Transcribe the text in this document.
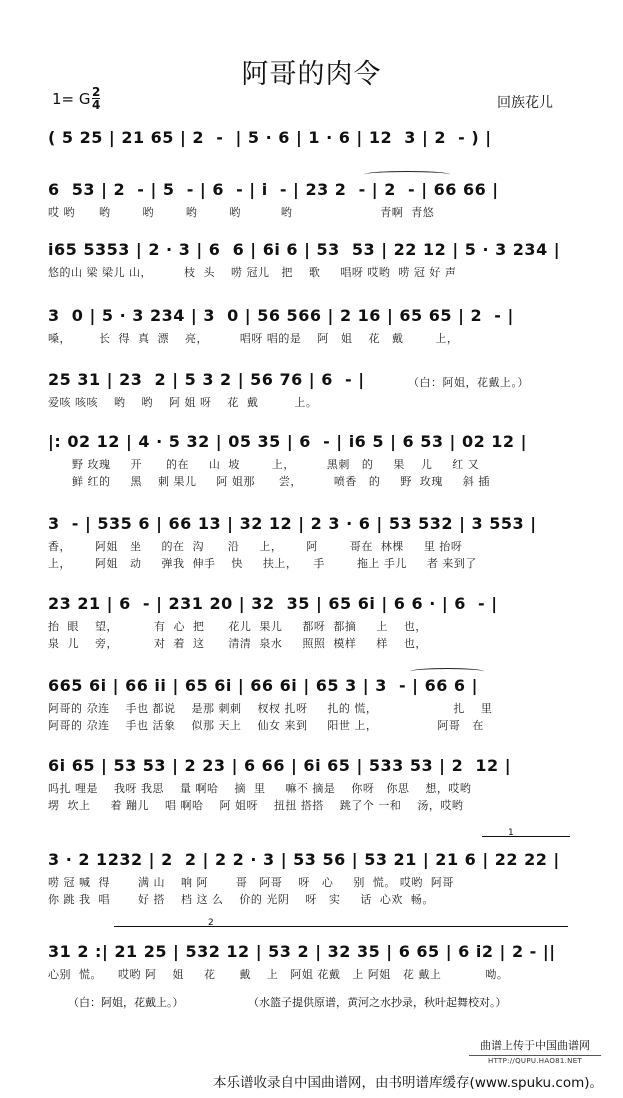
阿哥的肉令
1= G 2
4	回族花儿
( 5 25 | 21 65 | 2  -  | 5 · 6 | 1 · 6 | 12  3 | 2  - ) |
6  53 | 2  - | 5  - | 6  - | i  - | 23 2  - | 2  - | 66 66 |
哎 哟      哟        哟        哟        哟          哟                      青啊  青悠
i65 5353 | 2 · 3 | 6  6 | 6i 6 | 53  53 | 22 12 | 5 · 3 234 |
悠的山 梁 梁儿 山，        枝  头    唠 冠儿   把    歌     唱呀 哎哟  唠 冠 好 声
3  0 | 5 · 3 234 | 3  0 | 56 566 | 2 16 | 65 65 | 2  - |
嗓，       长  得  真  漂    亮，        唱呀 唱的是    阿   姐    花   戴        上，
25 31 | 23  2 | 5 3 2 | 56 76 | 6  - |
爱咳 咳咳    哟    哟    阿 姐 呀    花  戴         上。
（白：阿姐，花戴上。）
|: 02 12 | 4 · 5 32 | 05 35 | 6  - | i6 5 | 6 53 | 02 12 |
野 玫瑰     开      的在     山  坡        上，        黑刺   的     果    儿     红 又
鲜 红的     黑    刺 果儿     阿 姐那      尝，        喷香   的     野  玫瑰     斜 插
3  - | 535 6 | 66 13 | 32 12 | 2 3 · 6 | 53 532 | 3 553 |
香，      阿姐   坐     的在  沟      沿     上，      阿        哥在  林棵     里 抬呀
上，      阿姐   动     弹我  伸手    快     扶上，    手        拖上 手儿     者 来到了
23 21 | 6  - | 231 20 | 32  35 | 65 6i | 6 6 · | 6  - |
抬  眼    望，         有  心  把      花儿  果儿     都呀  都摘     上    也，
泉  儿    旁，         对  着  这      清清  泉水     照照  模样     样    也，
665 6i | 66 ii | 65 6i | 66 6i | 65 3 | 3  - | 66 6 |
阿哥的 尕连    手也 都说    是那 刺刺    杈杈 扎呀     扎的 慌，                   扎    里
阿哥的 尕连    手也 活象    似那 天上    仙女 来到     阳世 上，               阿哥   在
6i 65 | 53 53 | 2 23 | 6 66 | 6i 65 | 533 53 | 2  12 |
吗扎 哩是    我呀 我思    量 啊哈    摘  里     嘛不 摘是    你呀   你思    想，哎哟
塄  坎上     着 蹦儿    唱 啊哈    阿 姐呀    扭扭 搭搭    跳了个 一和    汤，哎哟
1
3 · 2 1232 | 2  2 | 2 2 · 3 | 53 56 | 53 21 | 21 6 | 22 22 |
唠 冠 喊  得       满 山    响 阿       哥   阿哥    呀   心     别  慌。 哎哟  阿哥
你 跳 我  唱       好 搭    档 这 么    价的 光阴    呀   实     话  心欢  畅。
2
31 2 :| 21 25 | 532 12 | 53 2 | 32 35 | 6 65 | 6 i2 | 2 - ||
心别  慌。    哎哟 阿    姐     花      戴    上   阿姐 花戴   上 阿姐   花 戴上           呦。
（白：阿姐，花戴上。）	（水篮子提供原谱，黄河之水抄录，秋叶起舞校对。）
曲谱上传于中国曲谱网
HTTP://QUPU.HAO81.NET
本乐谱收录自中国曲谱网，由书明谱库缓存(www.spuku.com)。
